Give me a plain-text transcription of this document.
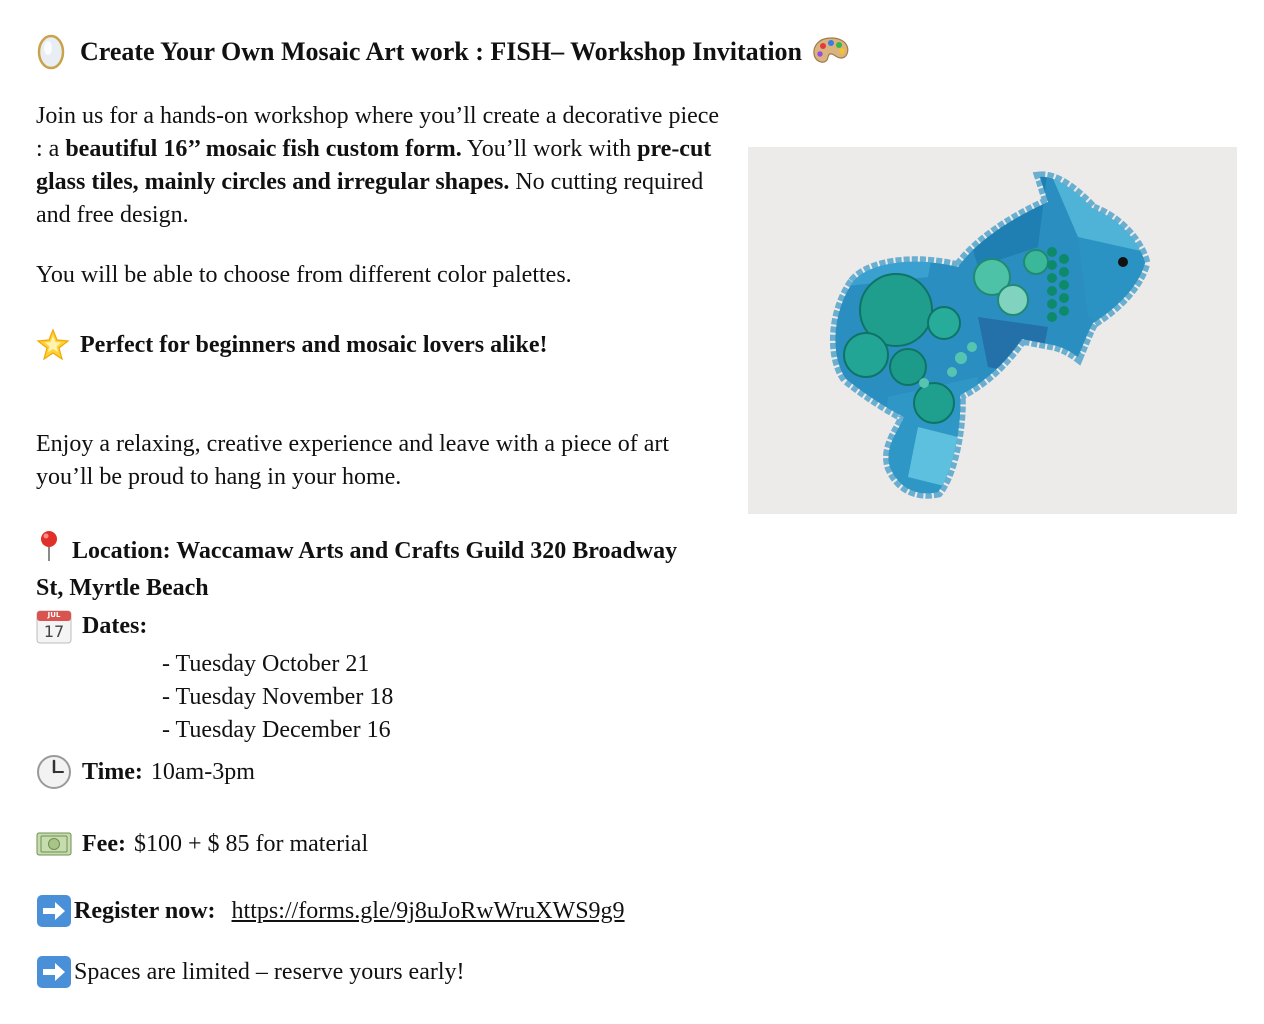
Create Your Own Mosaic Art work : FISH– Workshop Invitation
Join us for a hands-on workshop where you’ll create a decorative piece : a beautiful 16’’ mosaic fish custom form. You’ll work with pre-cut glass tiles, mainly circles and irregular shapes. No cutting required and free design.
You will be able to choose from different color palettes.
Perfect for beginners and mosaic lovers alike!
Enjoy a relaxing, creative experience and leave with a piece of art you’ll be proud to hang in your home.
Location: Waccamaw Arts and Crafts Guild 320 Broadway St, Myrtle Beach
JUL
17 Dates:
- Tuesday October 21
- Tuesday November 18
- Tuesday December 16
Time: 10am-3pm
Fee: $100 + $ 85 for material
Register now: https://forms.gle/9j8uJoRwWruXWS9g9
Spaces are limited – reserve yours early!
